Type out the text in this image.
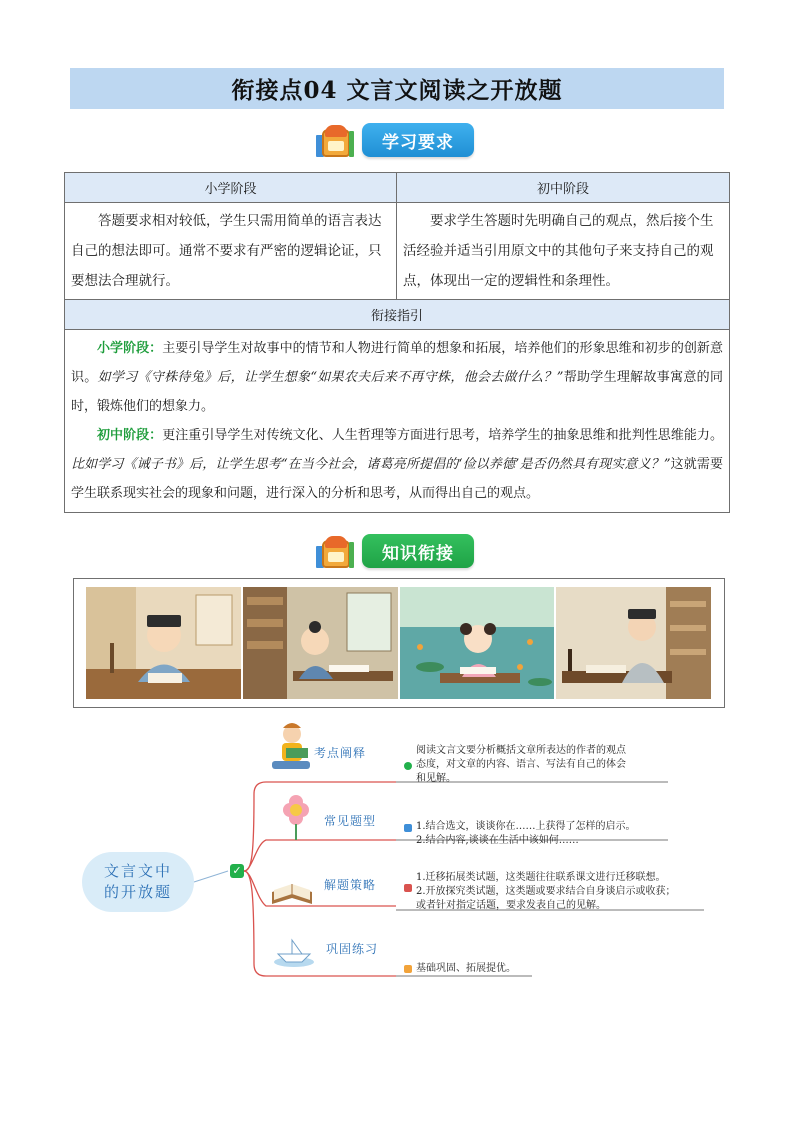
衔接点04 文言文阅读之开放题
学习要求
小学阶段	初中阶段
答题要求相对较低，学生只需用简单的语言表达自己的想法即可。通常不要求有严密的逻辑论证，只要想法合理就行。	要求学生答题时先明确自己的观点，然后接个生活经验并适当引用原文中的其他句子来支持自己的观点，体现出一定的逻辑性和条理性。
衔接指引	

小学阶段：主要引导学生对故事中的情节和人物进行简单的想象和拓展，培养他们的形象思维和初步的创新意识。如学习《守株待兔》后，让学生想象“如果农夫后来不再守株，他会去做什么？”帮助学生理解故事寓意的同时，锻炼他们的想象力。

初中阶段：更注重引导学生对传统文化、人生哲理等方面进行思考，培养学生的抽象思维和批判性思维能力。比如学习《诫子书》后，让学生思考“在当今社会，诸葛亮所提倡的‘俭以养德’是否仍然具有现实意义？”这就需要学生联系现实社会的现象和问题，进行深入的分析和思考，从而得出自己的观点。	

知识衔接
文言文中
的开放题
✓
考点阐释	阅读文言文要分析概括文章所表达的作者的观点
态度，对文章的内容、语言、写法有自己的体会
和见解。
常见题型	1.结合选文，谈谈你在……上获得了怎样的启示。
2.结合内容,谈谈在生活中该如何……
解题策略
1.迁移拓展类试题，这类题往往联系课文进行迁移联想。
2.开放探究类试题，这类题或要求结合自身谈启示或收获；
或者针对指定话题，要求发表自己的见解。
巩固练习
基础巩固、拓展提优。
